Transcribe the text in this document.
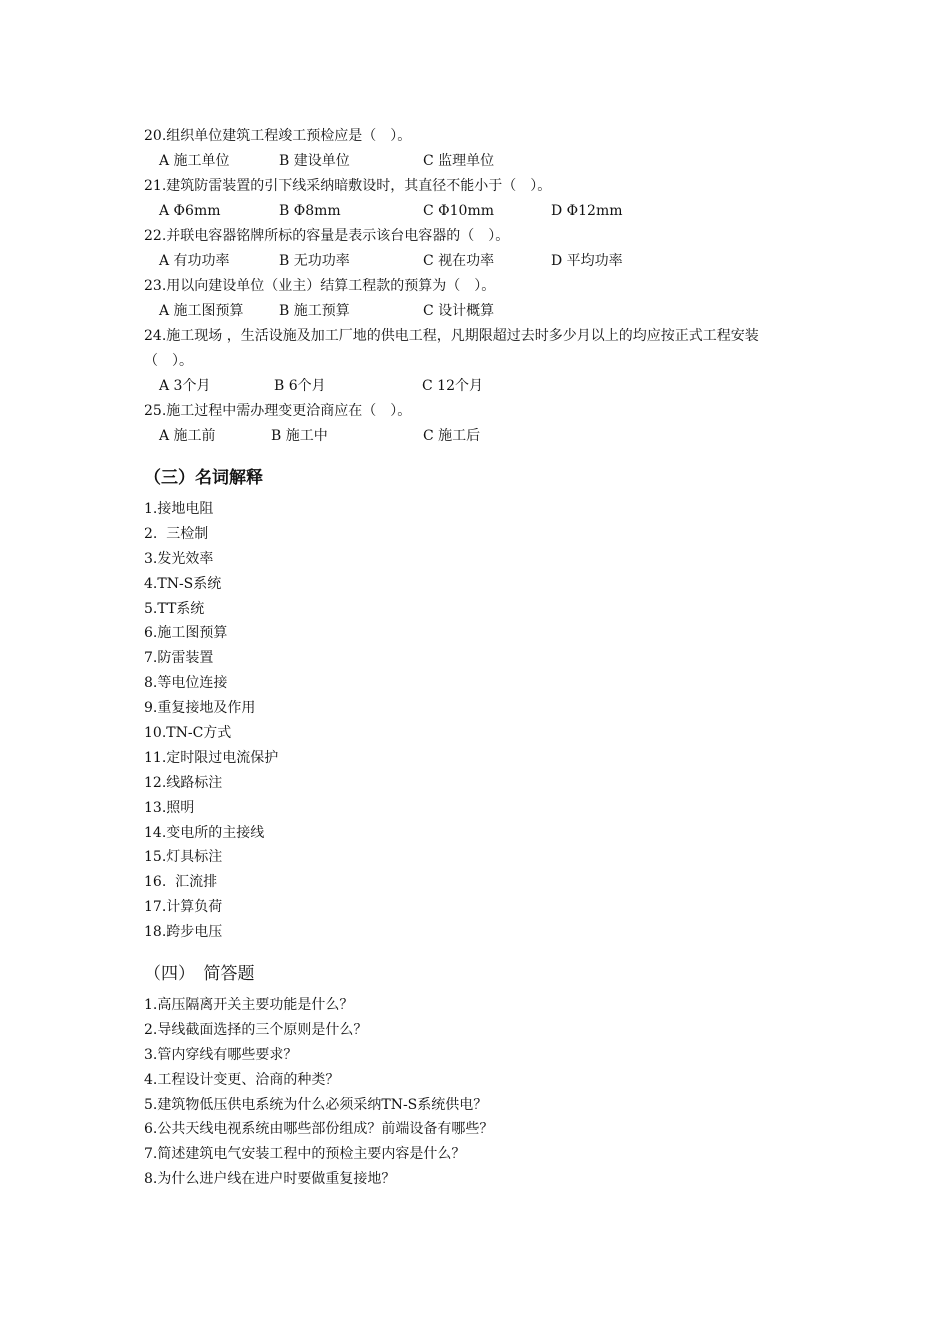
20.组织单位建筑工程竣工预检应是（　）。
A 施工单位	B 建设单位	C 监理单位
21.建筑防雷装置的引下线采纳暗敷设时，其直径不能小于（　）。
A Φ6mm	B Φ8mm	C Φ10mm	D Φ12mm
22.并联电容器铭牌所标的容量是表示该台电容器的（　）。
A 有功功率	B 无功功率	C 视在功率	D 平均功率
23.用以向建设单位（业主）结算工程款的预算为（　）。
A 施工图预算	B 施工预算	C 设计概算
24.施工现场 ，生活设施及加工厂地的供电工程，凡期限超过去时多少月以上的均应按正式工程安装（　）。
A 3个月	B 6个月	C 12个月
25.施工过程中需办理变更洽商应在（　）。
A 施工前	B 施工中	C 施工后
（三）名词解释
1.接地电阻
2.  三检制
3.发光效率
4.TN-S系统
5.TT系统
6.施工图预算
7.防雷装置
8.等电位连接
9.重复接地及作用
10.TN-C方式
11.定时限过电流保护
12.线路标注
13.照明
14.变电所的主接线
15.灯具标注
16.  汇流排
17.计算负荷
18.跨步电压
（四）　简答题
1.高压隔离开关主要功能是什么？
2.导线截面选择的三个原则是什么？
3.管内穿线有哪些要求？
4.工程设计变更、洽商的种类？
5.建筑物低压供电系统为什么必须采纳TN-S系统供电？
6.公共天线电视系统由哪些部份组成？前端设备有哪些？
7.简述建筑电气安装工程中的预检主要内容是什么？
8.为什么进户线在进户时要做重复接地？
